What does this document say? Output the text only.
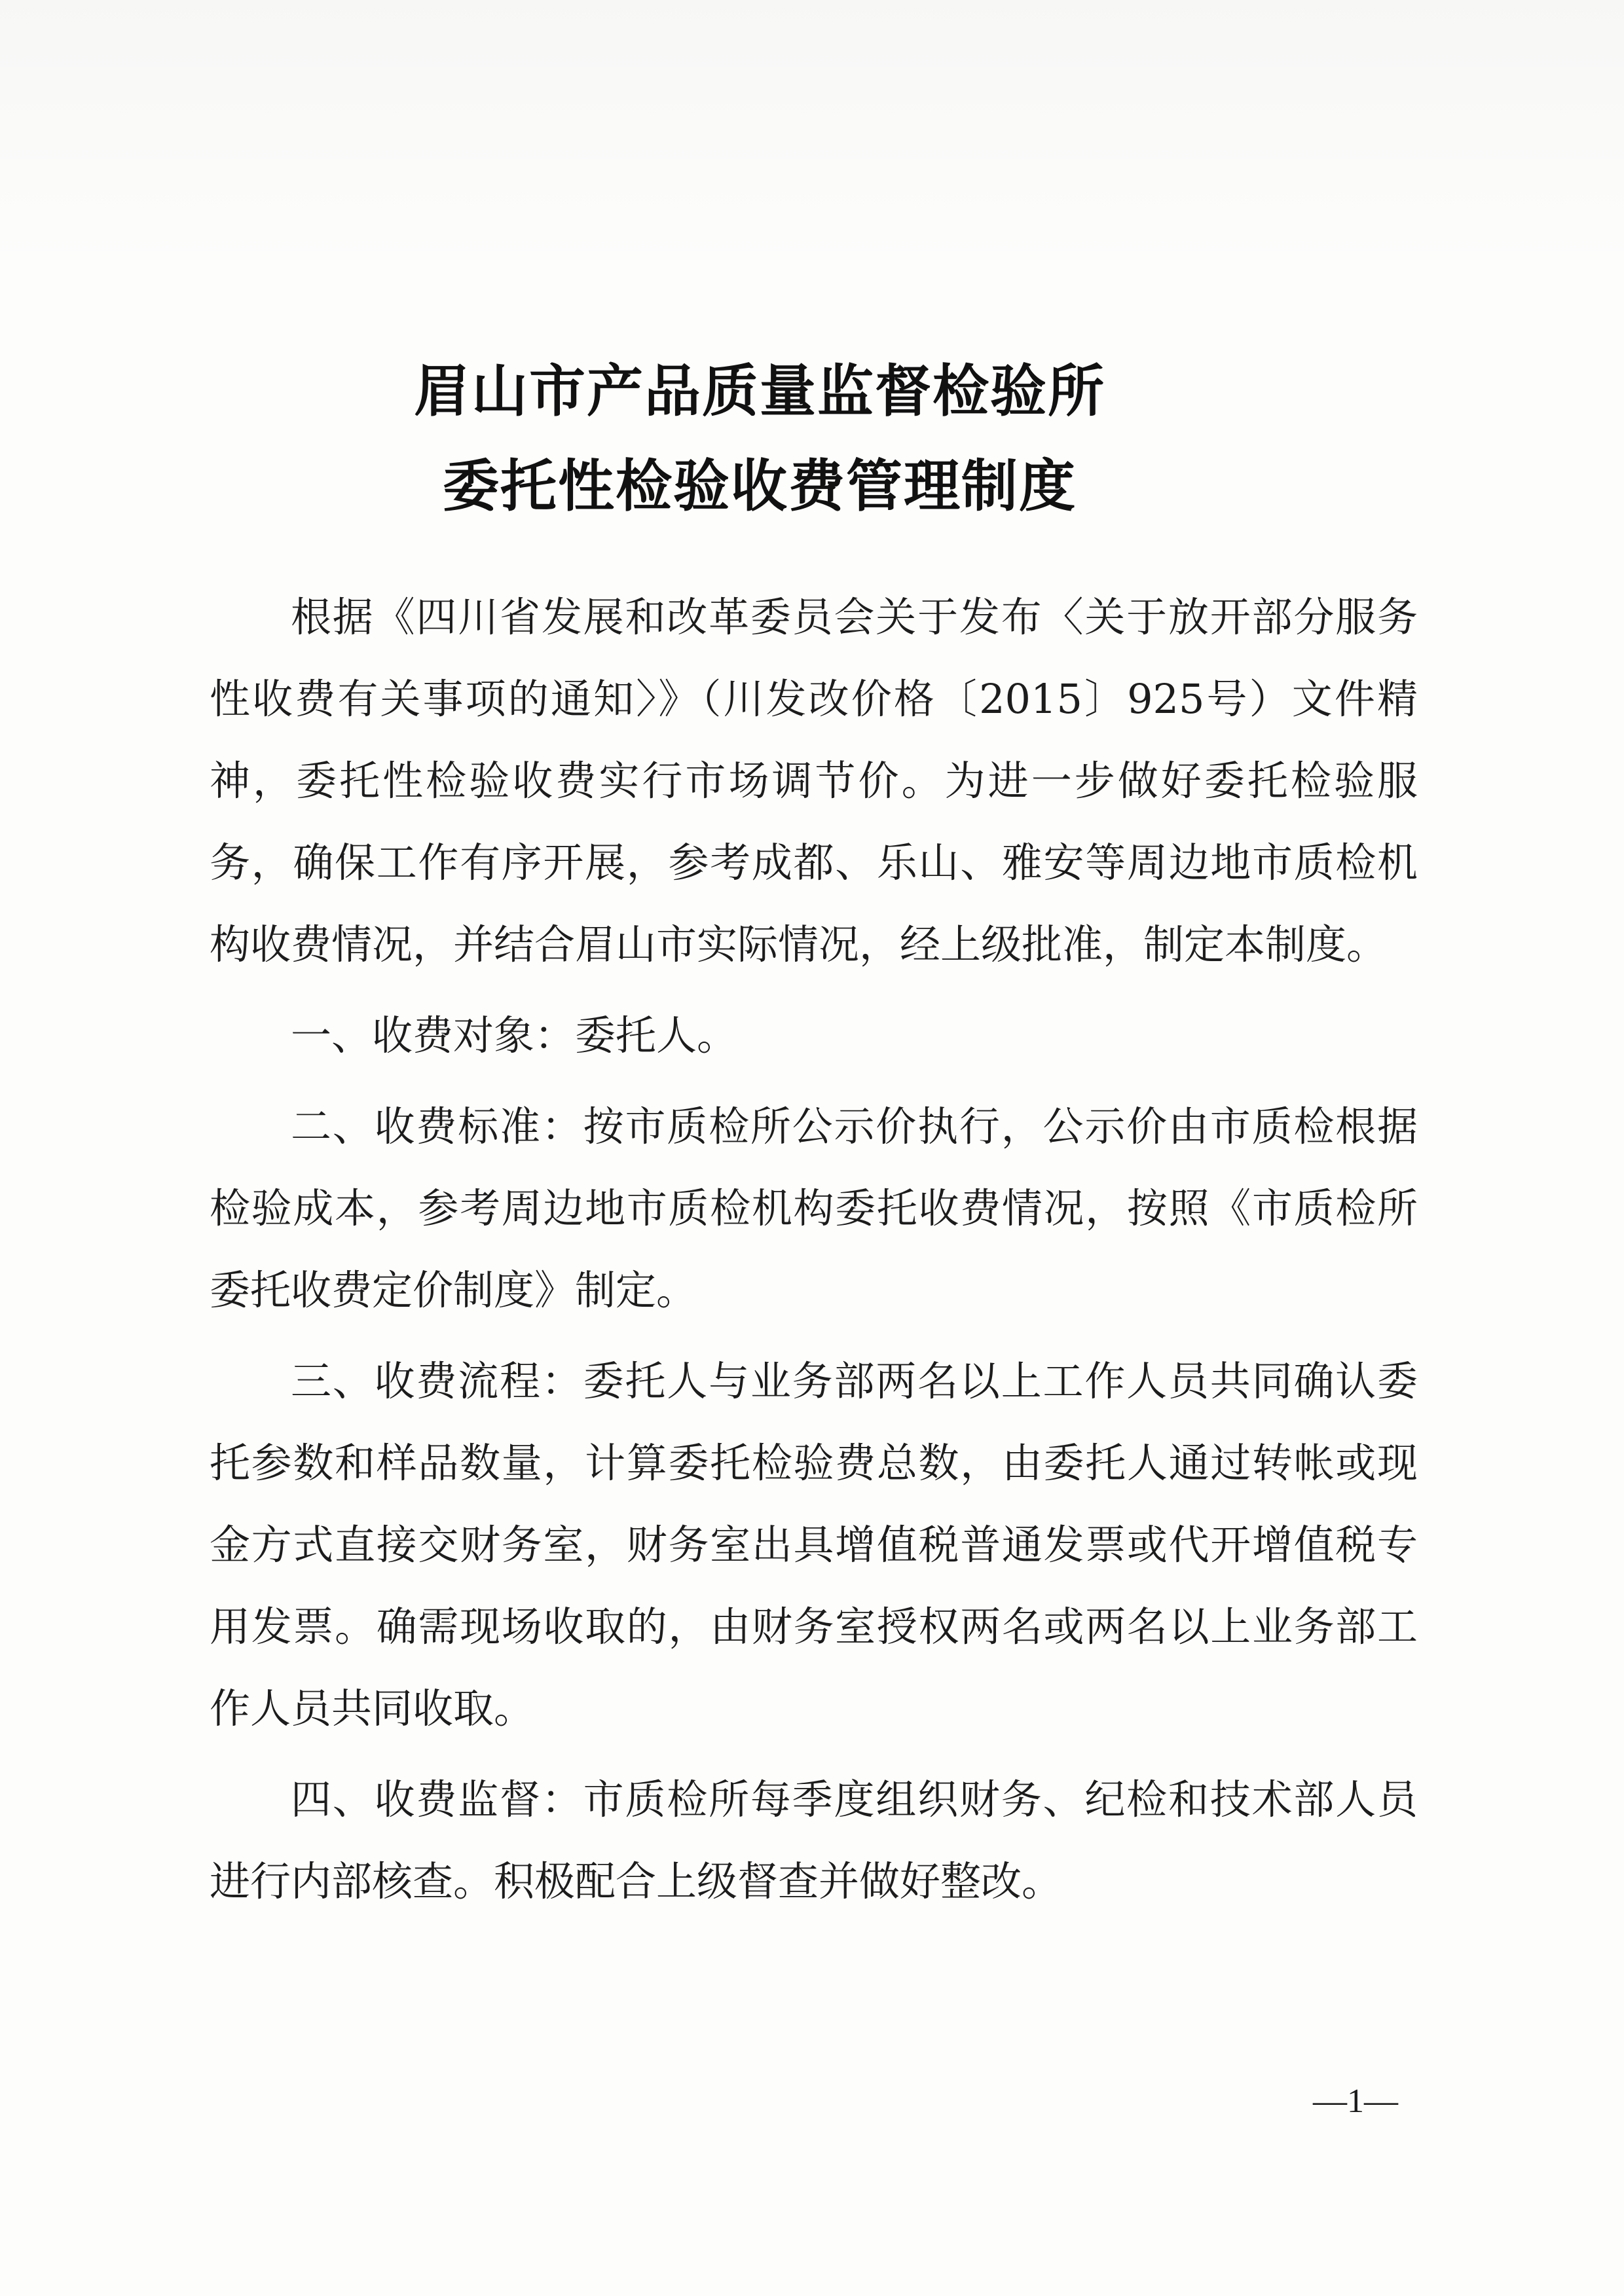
眉山市产品质量监督检验所
委托性检验收费管理制度

根据《四川省发展和改革委员会关于发布〈关于放开部分服务性收费有关事项的通知〉》（川发改价格〔2015〕925号）文件精神，委托性检验收费实行市场调节价。为进一步做好委托检验服务，确保工作有序开展，参考成都、乐山、雅安等周边地市质检机构收费情况，并结合眉山市实际情况，经上级批准，制定本制度。

一、收费对象：委托人。

二、收费标准：按市质检所公示价执行，公示价由市质检根据检验成本，参考周边地市质检机构委托收费情况，按照《市质检所委托收费定价制度》制定。

三、收费流程：委托人与业务部两名以上工作人员共同确认委托参数和样品数量，计算委托检验费总数，由委托人通过转帐或现金方式直接交财务室，财务室出具增值税普通发票或代开增值税专用发票。确需现场收取的，由财务室授权两名或两名以上业务部工作人员共同收取。

四、收费监督：市质检所每季度组织财务、纪检和技术部人员进行内部核查。积极配合上级督查并做好整改。

—1—
